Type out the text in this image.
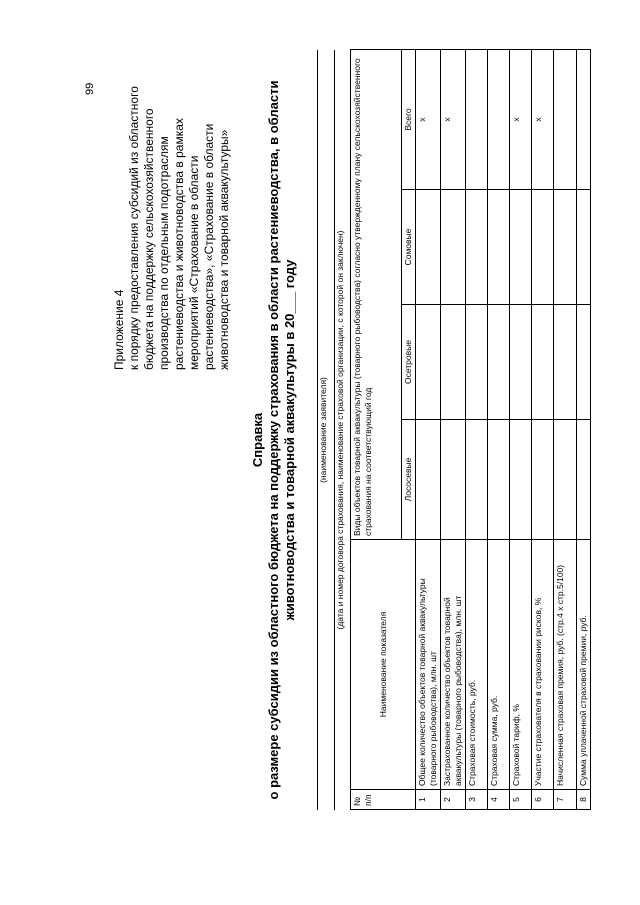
99
Приложение 4 к порядку предоставления субсидий из областного бюджета на поддержку сельскохозяйственного производства по отдельным подотраслям растениеводства и животноводства в рамках мероприятий «Страхование в области растениеводства», «Страхование в области животноводства и товарной аквакультуры»
Справка о размере субсидии из областного бюджета на поддержку страхования в области растениеводства, в области животноводства и товарной аквакультуры в 20___ году (наименование заявителя) (дата и номер договора страхования, наименование страховой организации, с которой он заключен)
№ п/п	Наименование показателя	Виды объектов товарной аквакультуры (товарного рыбоводства) согласно утвержденному плану сельскохозяйственного страхования на соответствующий год			
		Лососевые	Осетровые	Сомовые	Всего
1	Общее количество объектов товарной аквакультуры (товарного рыбоводства), млн. шт				х
2	Застрахованное количество объектов товарной аквакультуры (товарного рыбоводства), млн. шт				х
3	Страховая стоимость, руб.				
4	Страховая сумма, руб.				
5	Страховой тариф, %				х
6	Участие страхователя в страховании рисков, %				х
7	Начисленная страховая премия, руб. (стр.4 х стр.5/100)				
8	Сумма уплаченной страховой премии, руб.				
